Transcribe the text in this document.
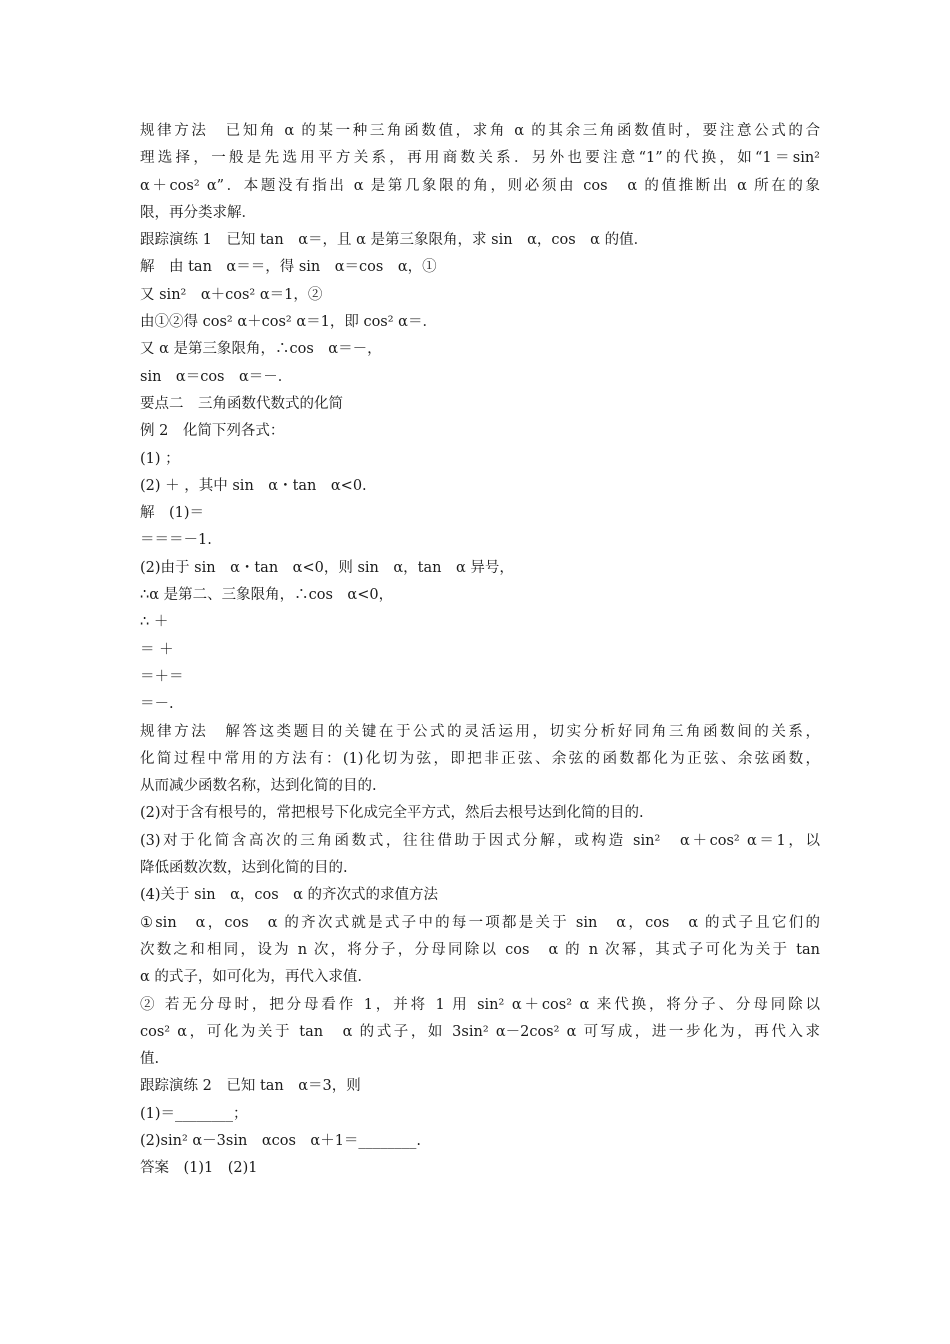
规律方法　已知角 α 的某一种三角函数值，求角 α 的其余三角函数值时，要注意公式的合
理选择，一般是先选用平方关系，再用商数关系．另外也要注意“1”的代换，如“1＝sin²
α＋cos² α”．本题没有指出 α 是第几象限的角，则必须由 cos　α 的值推断出 α 所在的象
限，再分类求解．
跟踪演练 1　已知 tan　α＝，且 α 是第三象限角，求 sin　α，cos　α 的值．
解　由 tan　α＝＝，得 sin　α＝cos　α，①
又 sin²　α＋cos² α＝1，②
由①②得 cos² α＋cos² α＝1，即 cos² α＝．
又 α 是第三象限角，∴cos　α＝－，
sin　α＝cos　α＝－．
要点二　三角函数代数式的化简
例 2　化简下列各式：
(1) ；
(2) ＋ ，其中 sin　α・tan　α<0.
解　(1)＝
＝＝＝－1.
(2)由于 sin　α・tan　α<0，则 sin　α，tan　α 异号，
∴α 是第二、三象限角，∴cos　α<0，
∴ ＋
＝ ＋
＝＋＝
＝－.
规律方法　解答这类题目的关键在于公式的灵活运用，切实分析好同角三角函数间的关系，
化简过程中常用的方法有：(1)化切为弦，即把非正弦、余弦的函数都化为正弦、余弦函数，
从而减少函数名称，达到化简的目的.
(2)对于含有根号的，常把根号下化成完全平方式，然后去根号达到化简的目的.
(3)对于化简含高次的三角函数式，往往借助于因式分解，或构造 sin²　α＋cos² α＝1，以
降低函数次数，达到化简的目的.
(4)关于 sin　α，cos　α 的齐次式的求值方法
①sin　α，cos　α 的齐次式就是式子中的每一项都是关于 sin　α，cos　α 的式子且它们的
次数之和相同，设为 n 次，将分子，分母同除以 cos　α 的 n 次幂，其式子可化为关于 tan
α 的式子，如可化为，再代入求值.
② 若无分母时，把分母看作 1，并将 1 用 sin² α＋cos² α 来代换，将分子、分母同除以
cos² α，可化为关于 tan　α 的式子，如 3sin² α－2cos² α 可写成，进一步化为，再代入求
值.
跟踪演练 2　已知 tan　α＝3，则
(1)＝________；
(2)sin² α－3sin　αcos　α＋1＝________.
答案　(1)1　(2)1
